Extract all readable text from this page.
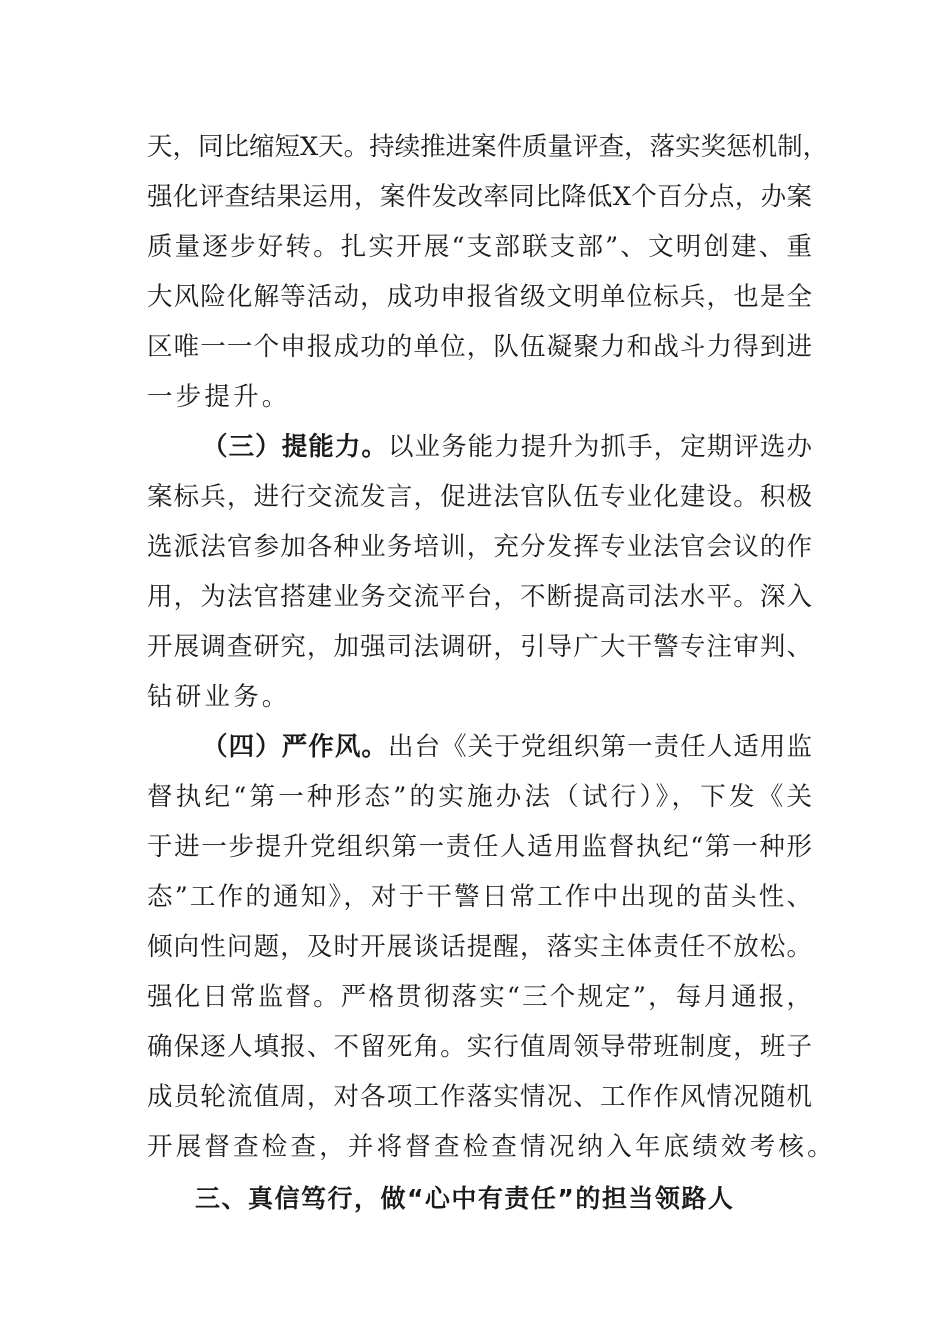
天，同比缩短X天。持续推进案件质量评查，落实奖惩机制，
强化评查结果运用，案件发改率同比降低X个百分点，办案
质量逐步好转。扎实开展“支部联支部”、文明创建、重
大风险化解等活动，成功申报省级文明单位标兵，也是全
区唯一一个申报成功的单位，队伍凝聚力和战斗力得到进
一步提升。
（三）提能力。以业务能力提升为抓手，定期评选办
案标兵，进行交流发言，促进法官队伍专业化建设。积极
选派法官参加各种业务培训，充分发挥专业法官会议的作
用，为法官搭建业务交流平台，不断提高司法水平。深入
开展调查研究，加强司法调研，引导广大干警专注审判、
钻研业务。
（四）严作风。出台《关于党组织第一责任人适用监
督执纪“第一种形态”的实施办法（试行）》，下发《关
于进一步提升党组织第一责任人适用监督执纪“第一种形
态”工作的通知》，对于干警日常工作中出现的苗头性、
倾向性问题，及时开展谈话提醒，落实主体责任不放松。
强化日常监督。严格贯彻落实“三个规定”，每月通报，
确保逐人填报、不留死角。实行值周领导带班制度，班子
成员轮流值周，对各项工作落实情况、工作作风情况随机
开展督查检查，并将督查检查情况纳入年底绩效考核。
三、真信笃行，做“心中有责任”的担当领路人
